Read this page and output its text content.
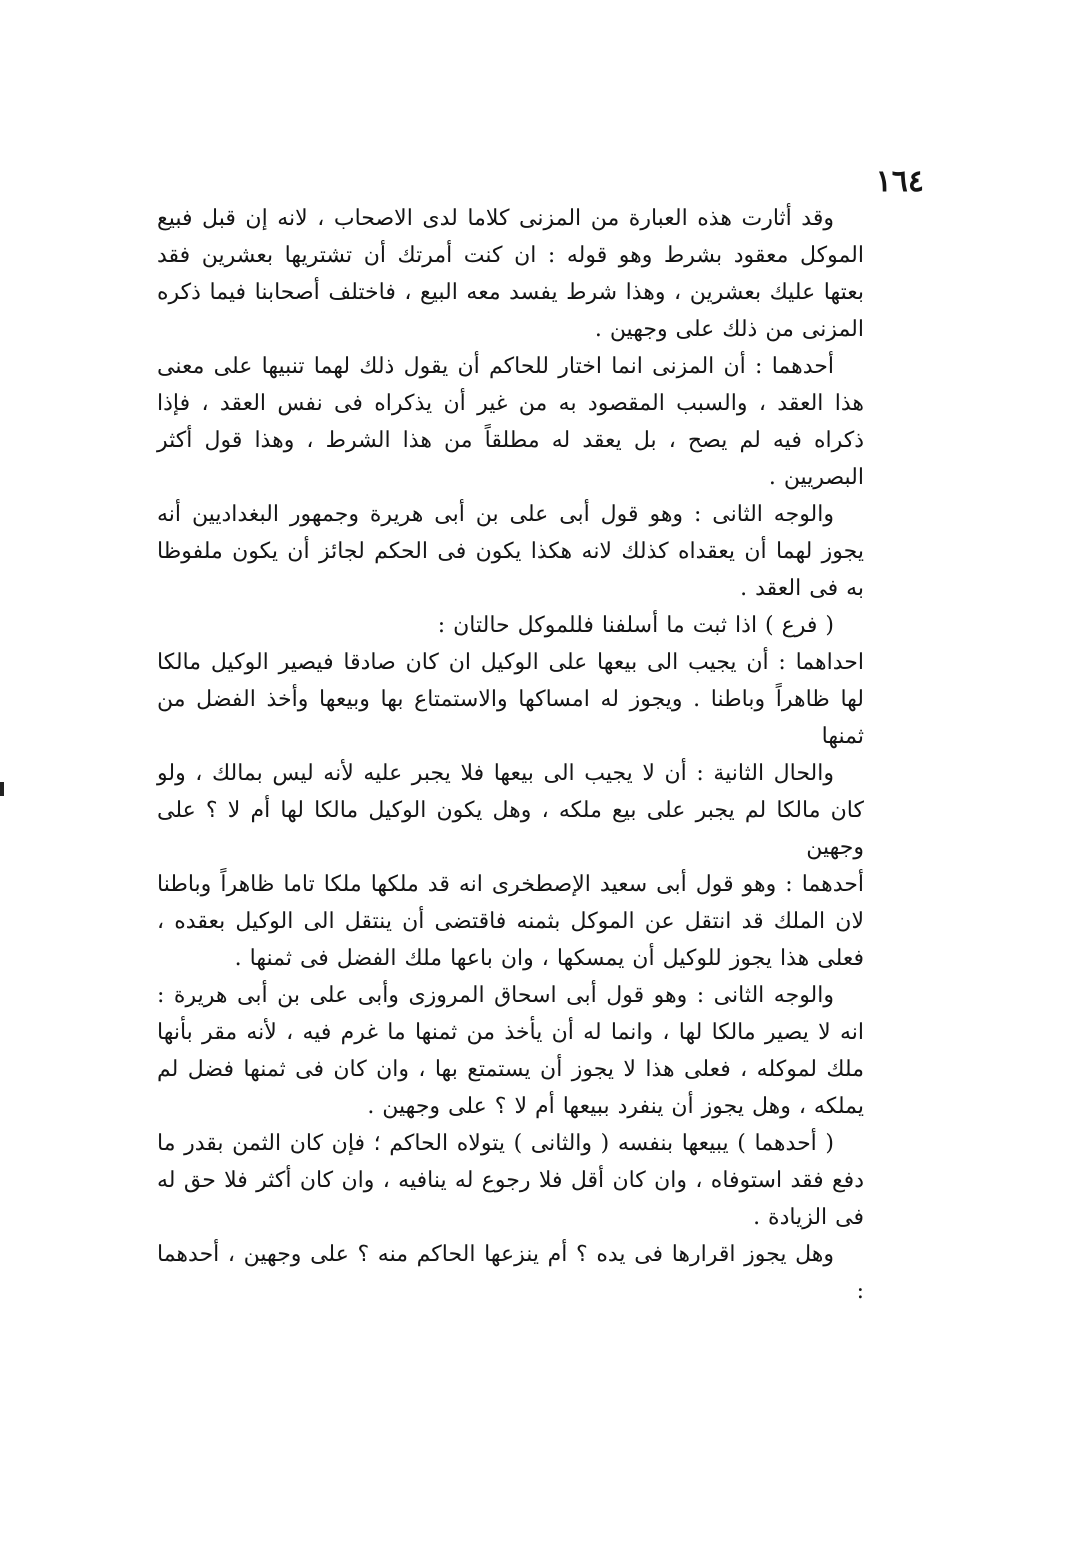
١٦٤

وقد أثارت هذه العبارة من المزنى كلاما لدى الاصحاب ، لانه إن قبل فبيع الموكل معقود بشرط وهو قوله : ان كنت أمرتك أن تشتريها بعشرين فقد بعتها عليك بعشرين ، وهذا شرط يفسد معه البيع ، فاختلف أصحابنا فيما ذكره المزنى من ذلك على وجهين .

أحدهما : أن المزنى انما اختار للحاكم أن يقول ذلك لهما تنبيها على معنى هذا العقد ، والسبب المقصود به من غير أن يذكراه فى نفس العقد ، فإذا ذكراه فيه لم يصح ، بل يعقد له مطلقاً من هذا الشرط ، وهذا قول أكثر البصريين .

والوجه الثانى : وهو قول أبى على بن أبى هريرة وجمهور البغداديين أنه يجوز لهما أن يعقداه كذلك لانه هكذا يكون فى الحكم لجائز أن يكون ملفوظا به فى العقد .

( فرع ) اذا ثبت ما أسلفنا فللموكل حالتان :

احداهما : أن يجيب الى بيعها على الوكيل ان كان صادقا فيصير الوكيل مالكا لها ظاهراً وباطنا . ويجوز له امساكها والاستمتاع بها وبيعها وأخذ الفضل من ثمنها

والحال الثانية : أن لا يجيب الى بيعها فلا يجبر عليه لأنه ليس بمالك ، ولو كان مالكا لم يجبر على بيع ملكه ، وهل يكون الوكيل مالكا لها أم لا ؟ على وجهين

أحدهما : وهو قول أبى سعيد الإصطخرى انه قد ملكها ملكا تاما ظاهراً وباطنا لان الملك قد انتقل عن الموكل بثمنه فاقتضى أن ينتقل الى الوكيل بعقده ، فعلى هذا يجوز للوكيل أن يمسكها ، وان باعها ملك الفضل فى ثمنها .

والوجه الثانى : وهو قول أبى اسحاق المروزى وأبى على بن أبى هريرة : انه لا يصير مالكا لها ، وانما له أن يأخذ من ثمنها ما غرم فيه ، لأنه مقر بأنها ملك لموكله ، فعلى هذا لا يجوز أن يستمتع بها ، وان كان فى ثمنها فضل لم يملكه ، وهل يجوز أن ينفرد ببيعها أم لا ؟ على وجهين .

( أحدهما ) يبيعها بنفسه ( والثانى ) يتولاه الحاكم ؛ فإن كان الثمن بقدر ما دفع فقد استوفاه ، وان كان أقل فلا رجوع له ينافيه ، وان كان أكثر فلا حق له فى الزيادة .

وهل يجوز اقرارها فى يده ؟ أم ينزعها الحاكم منه ؟ على وجهين ، أحدهما :
